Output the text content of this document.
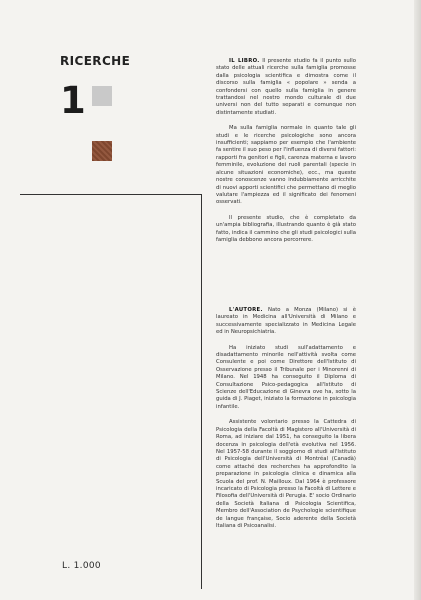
RICERCHE
1
L. 1.000

IL LIBRO. Il presente studio fa il punto sullo stato delle attuali ricerche sulla famiglia promosse dalla psicologia scientifica e dimostra come il discorso sulla famiglia « popolare » senda a confondersi con quello sulla famiglia in genere trattandosi nel nostro mondo culturale di due universi non del tutto separati e comunque non distintamente studiati.

Ma sulla famiglia normale in quanto tale gli studi e le ricerche psicologiche sono ancora insufficienti; sappiamo per esempio che l'ambiente fa sentire il suo peso per l'influenza di diversi fattori: rapporti fra genitori e figli, carenza materna e lavoro femminile, evoluzione dei ruoli parentali (specie in alcune situazioni economiche), ecc., ma queste nostre conoscenze vanno indubbiamente arricchite di nuovi apporti scientifici che permettano di meglio valutare l'ampiezza ed il significato dei fenomeni osservati.

Il presente studio, che è completato da un'ampia bibliografia, illustrando quanto è già stato fatto, indica il cammino che gli studi psicologici sulla famiglia debbono ancora percorrere.

L'AUTORE. Nato a Monza (Milano) si è laureato in Medicina all'Università di Milano e successivamente specializzato in Medicina Legale ed in Neuropsichiatria.

Ha iniziato studi sull'adattamento e disadattamento minorile nell'attività svolta come Consulente e poi come Direttore dell'Istituto di Osservazione presso il Tribunale per i Minorenni di Milano. Nel 1948 ha conseguito il Diploma di Consultazione Psico-pedagogica all'Istituto di Scienze dell'Educazione di Ginevra ove ha, sotto la guida di J. Piaget, iniziato la formazione in psicologia infantile.

Assistente volontario presso la Cattedra di Psicologia della Facoltà di Magistero all'Università di Roma, ad iniziare dal 1951, ha conseguito la libera docenza in psicologia dell'età evolutiva nel 1956. Nel 1957-58 durante il soggiorno di studi all'Istituto di Psicologia dell'Università di Montréal (Canadà) come attaché des recherches ha approfondito la preparazione in psicologia clinica e dinamica alla Scuola del prof. N. Mailloux. Dal 1964 è professore incaricato di Psicologia presso la Facoltà di Lettere e Filosofia dell'Università di Perugia. E' socio Ordinario della Società Italiana di Psicologia Scientifica, Membro dell'Association de Psychologie scientifique de langue française, Socio aderente della Società Italiana di Psicoanalisi.
